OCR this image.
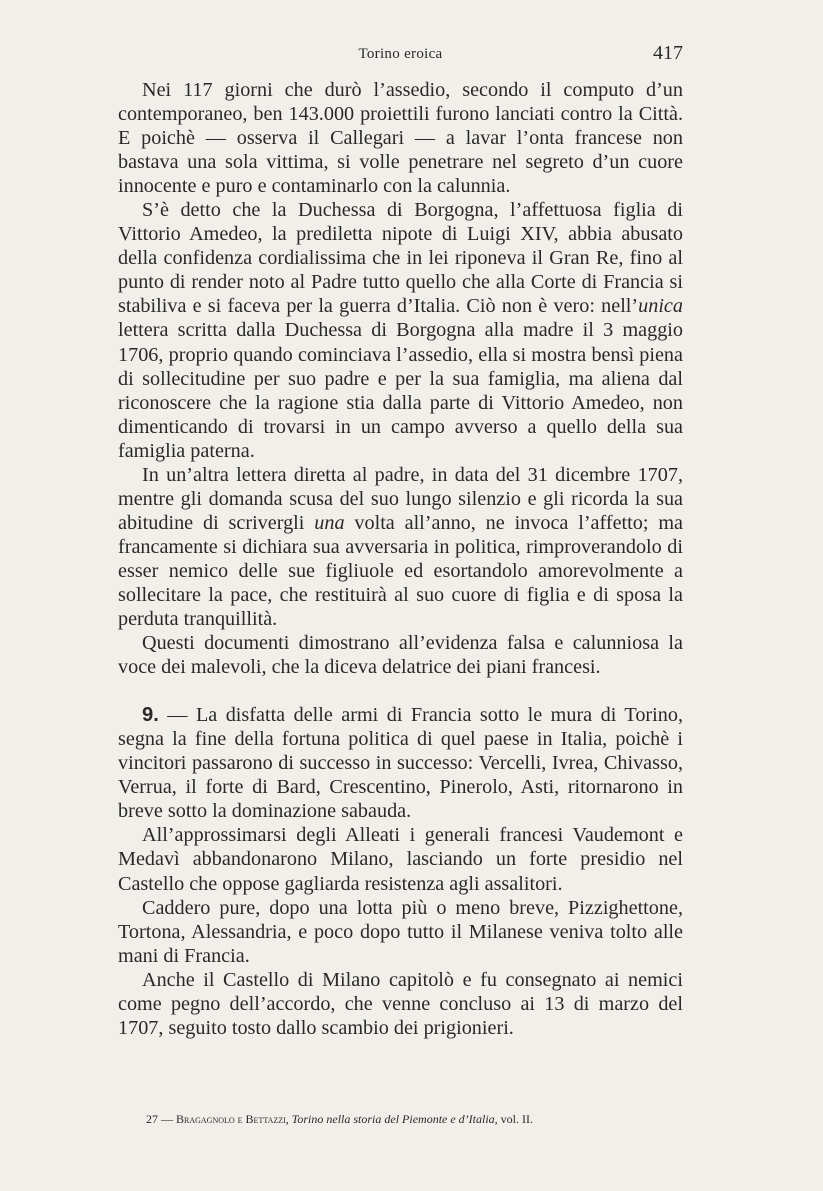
Torino eroica	417

Nei 117 giorni che durò l’assedio, secondo il computo d’un contemporaneo, ben 143.000 proiettili furono lanciati contro la Città. E poichè — osserva il Callegari — a lavar l’onta francese non bastava una sola vittima, si volle penetrare nel segreto d’un cuore innocente e puro e contaminarlo con la calunnia.

S’è detto che la Duchessa di Borgogna, l’affettuosa figlia di Vittorio Amedeo, la prediletta nipote di Luigi XIV, abbia abusato della confidenza cordialissima che in lei riponeva il Gran Re, fino al punto di render noto al Padre tutto quello che alla Corte di Francia si stabiliva e si faceva per la guerra d’Italia. Ciò non è vero: nell’unica lettera scritta dalla Duchessa di Borgogna alla madre il 3 maggio 1706, proprio quando cominciava l’assedio, ella si mostra bensì piena di sollecitudine per suo padre e per la sua famiglia, ma aliena dal riconoscere che la ragione stia dalla parte di Vittorio Amedeo, non dimenticando di trovarsi in un campo avverso a quello della sua famiglia paterna.

In un’altra lettera diretta al padre, in data del 31 dicembre 1707, mentre gli domanda scusa del suo lungo silenzio e gli ricorda la sua abitudine di scrivergli una volta all’anno, ne invoca l’affetto; ma francamente si dichiara sua avversaria in politica, rimproverandolo di esser nemico delle sue figliuole ed esortandolo amorevolmente a sollecitare la pace, che restituirà al suo cuore di figlia e di sposa la perduta tranquillità.

Questi documenti dimostrano all’evidenza falsa e calunniosa la voce dei malevoli, che la diceva delatrice dei piani francesi.

9. — La disfatta delle armi di Francia sotto le mura di Torino, segna la fine della fortuna politica di quel paese in Italia, poichè i vincitori passarono di successo in successo: Vercelli, Ivrea, Chivasso, Verrua, il forte di Bard, Crescentino, Pinerolo, Asti, ritornarono in breve sotto la dominazione sabauda.

All’approssimarsi degli Alleati i generali francesi Vaudemont e Medavì abbandonarono Milano, lasciando un forte presidio nel Castello che oppose gagliarda resistenza agli assalitori.

Caddero pure, dopo una lotta più o meno breve, Pizzighettone, Tortona, Alessandria, e poco dopo tutto il Milanese veniva tolto alle mani di Francia.

Anche il Castello di Milano capitolò e fu consegnato ai nemici come pegno dell’accordo, che venne concluso ai 13 di marzo del 1707, seguito tosto dallo scambio dei prigionieri.

27 — Bragagnolo e Bettazzi, Torino nella storia del Piemonte e d’Italia, vol. II.
